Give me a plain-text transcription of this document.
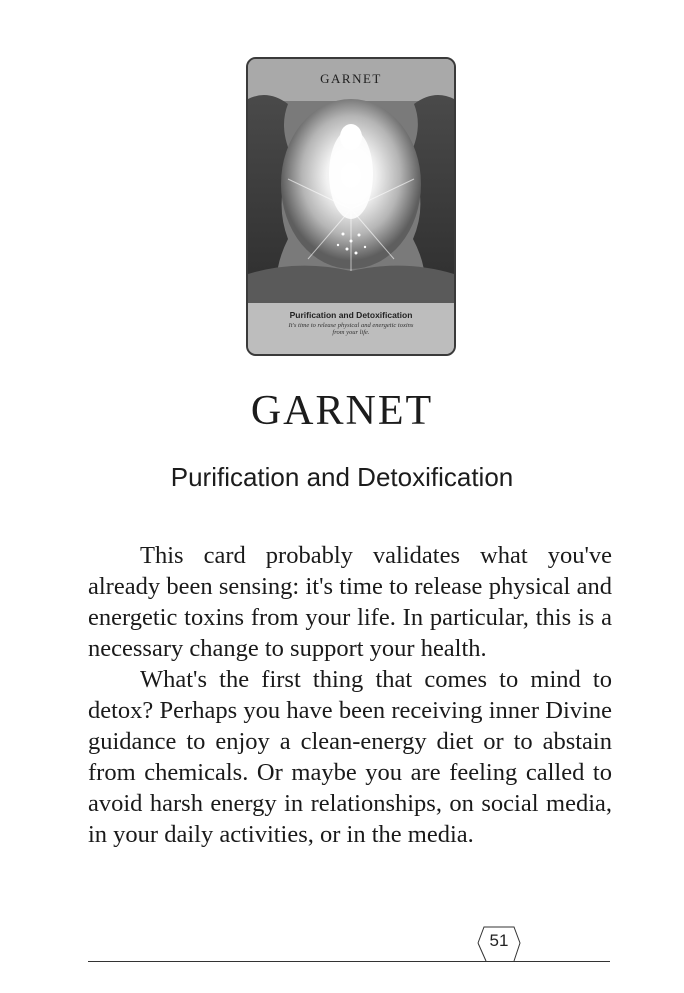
GARNET
Purification and Detoxification
It's time to release physical and energetic toxins from your life.
GARNET
Purification and Detoxification

This card probably validates what you've already been sensing: it's time to release physical and energetic toxins from your life. In particular, this is a necessary change to support your health.

What's the first thing that comes to mind to detox? Perhaps you have been receiving inner Divine guidance to enjoy a clean-energy diet or to abstain from chemicals. Or maybe you are feeling called to avoid harsh energy in relationships, on social media, in your daily activities, or in the media.

51
